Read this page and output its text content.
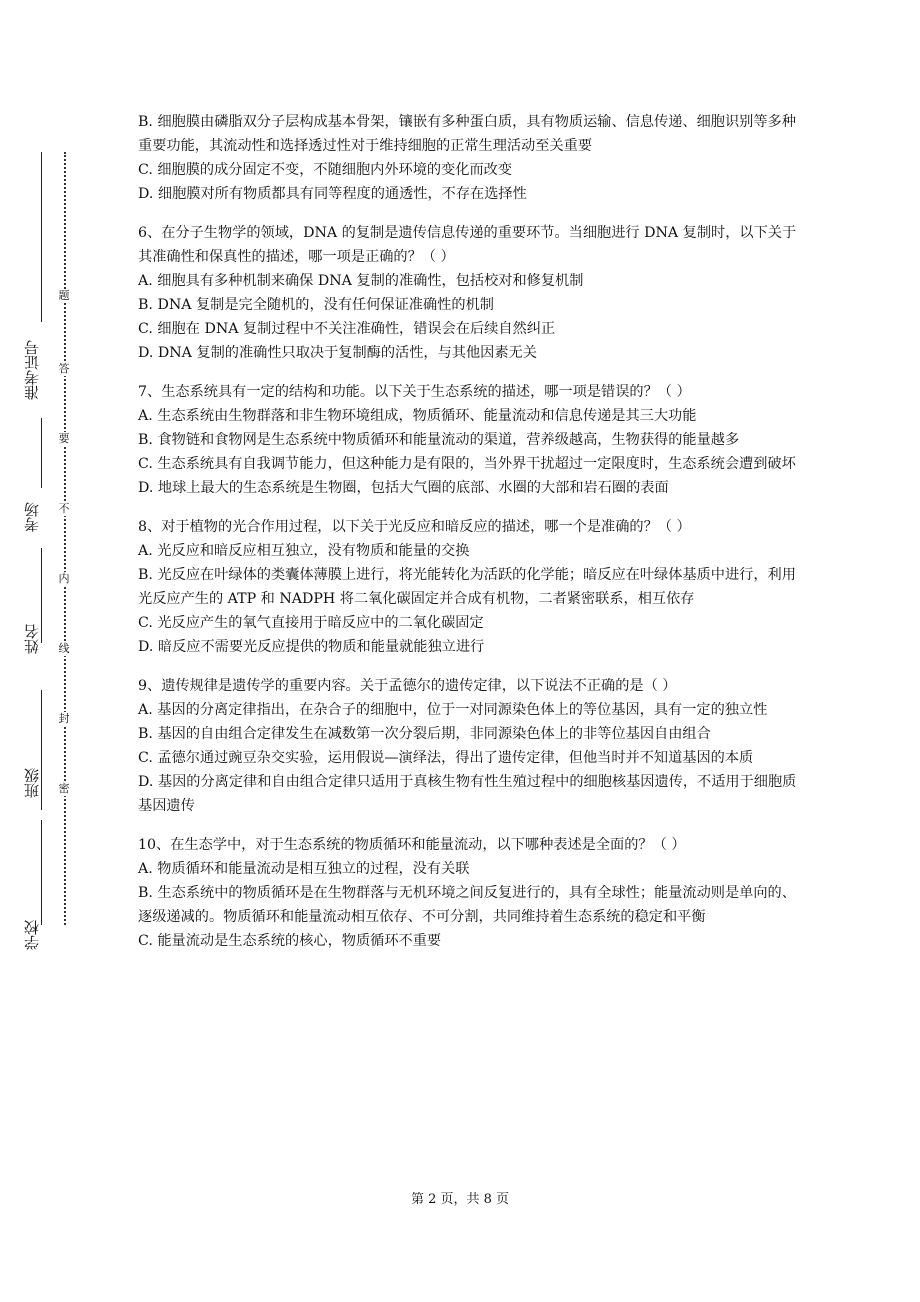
准考证号
考场
姓名
班级
学校
题
答
要
不
内
线
封
密

B. 细胞膜由磷脂双分子层构成基本骨架，镶嵌有多种蛋白质，具有物质运输、信息传递、细胞识别等多种重要功能，其流动性和选择透过性对于维持细胞的正常生理活动至关重要

C. 细胞膜的成分固定不变，不随细胞内外环境的变化而改变

D. 细胞膜对所有物质都具有同等程度的通透性，不存在选择性

6、在分子生物学的领域，DNA 的复制是遗传信息传递的重要环节。当细胞进行 DNA 复制时，以下关于其准确性和保真性的描述，哪一项是正确的？（ ）

A. 细胞具有多种机制来确保 DNA 复制的准确性，包括校对和修复机制

B. DNA 复制是完全随机的，没有任何保证准确性的机制

C. 细胞在 DNA 复制过程中不关注准确性，错误会在后续自然纠正

D. DNA 复制的准确性只取决于复制酶的活性，与其他因素无关

7、生态系统具有一定的结构和功能。以下关于生态系统的描述，哪一项是错误的？（ ）

A. 生态系统由生物群落和非生物环境组成，物质循环、能量流动和信息传递是其三大功能

B. 食物链和食物网是生态系统中物质循环和能量流动的渠道，营养级越高，生物获得的能量越多

C. 生态系统具有自我调节能力，但这种能力是有限的，当外界干扰超过一定限度时，生态系统会遭到破坏

D. 地球上最大的生态系统是生物圈，包括大气圈的底部、水圈的大部和岩石圈的表面

8、对于植物的光合作用过程，以下关于光反应和暗反应的描述，哪一个是准确的？（ ）

A. 光反应和暗反应相互独立，没有物质和能量的交换

B. 光反应在叶绿体的类囊体薄膜上进行，将光能转化为活跃的化学能；暗反应在叶绿体基质中进行，利用光反应产生的 ATP 和 NADPH 将二氧化碳固定并合成有机物，二者紧密联系，相互依存

C. 光反应产生的氧气直接用于暗反应中的二氧化碳固定

D. 暗反应不需要光反应提供的物质和能量就能独立进行

9、遗传规律是遗传学的重要内容。关于孟德尔的遗传定律，以下说法不正确的是（ ）

A. 基因的分离定律指出，在杂合子的细胞中，位于一对同源染色体上的等位基因，具有一定的独立性

B. 基因的自由组合定律发生在减数第一次分裂后期，非同源染色体上的非等位基因自由组合

C. 孟德尔通过豌豆杂交实验，运用假说—演绎法，得出了遗传定律，但他当时并不知道基因的本质

D. 基因的分离定律和自由组合定律只适用于真核生物有性生殖过程中的细胞核基因遗传，不适用于细胞质基因遗传

10、在生态学中，对于生态系统的物质循环和能量流动，以下哪种表述是全面的？（ ）

A. 物质循环和能量流动是相互独立的过程，没有关联

B. 生态系统中的物质循环是在生物群落与无机环境之间反复进行的，具有全球性；能量流动则是单向的、逐级递减的。物质循环和能量流动相互依存、不可分割，共同维持着生态系统的稳定和平衡

C. 能量流动是生态系统的核心，物质循环不重要

第 2 页，共 8 页
